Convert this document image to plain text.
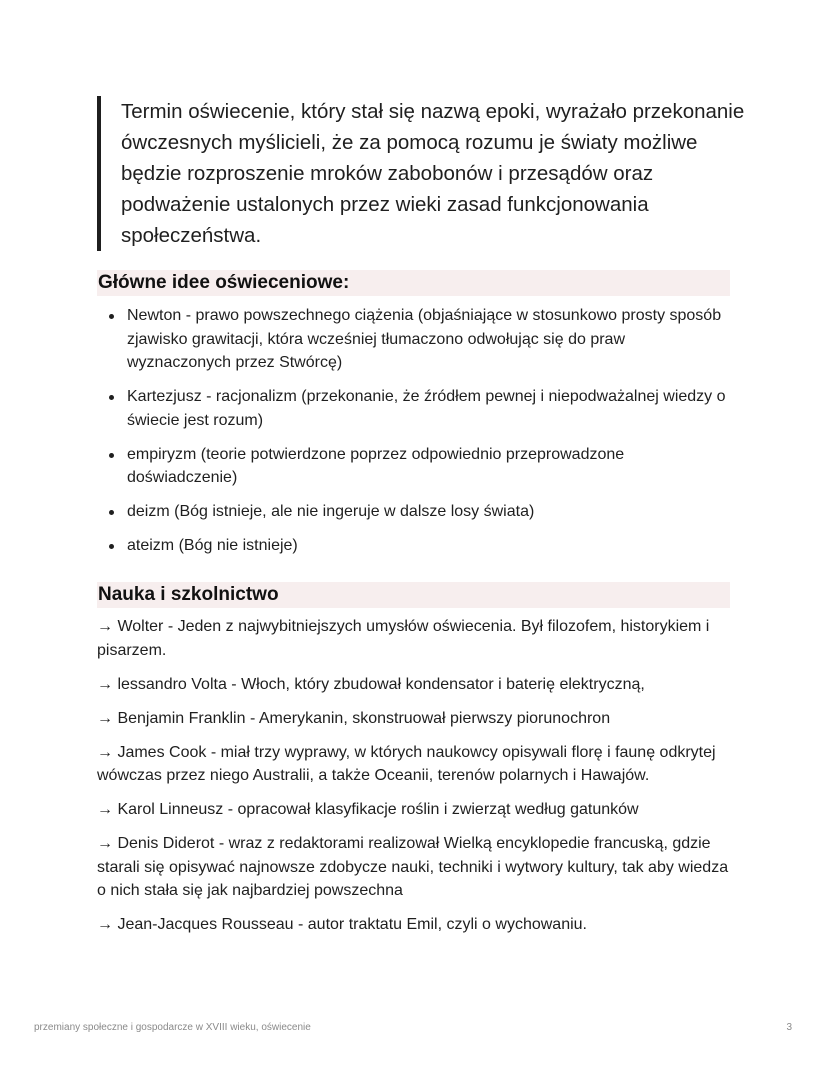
Termin oświecenie, który stał się nazwą epoki, wyrażało przekonanie ówczesnych myślicieli, że za pomocą rozumu je światy możliwe będzie rozproszenie mroków zabobonów i przesądów oraz podważenie ustalonych przez wieki zasad funkcjonowania społeczeństwa.

Główne idee oświeceniowe:
Newton - prawo powszechnego ciążenia (objaśniające w stosunkowo prosty sposób zjawisko grawitacji, która wcześniej tłumaczono odwołując się do praw wyznaczonych przez Stwórcę)
Kartezjusz - racjonalizm (przekonanie, że źródłem pewnej i niepodważalnej wiedzy o świecie jest rozum)
empiryzm (teorie potwierdzone poprzez odpowiednio przeprowadzone doświadczenie)
deizm (Bóg istnieje, ale nie ingeruje w dalsze losy świata)
ateizm (Bóg nie istnieje)
Nauka i szkolnictwo

→ Wolter - Jeden z najwybitniejszych umysłów oświecenia. Był filozofem, historykiem i pisarzem.

→ lessandro Volta - Włoch, który zbudował kondensator i baterię elektryczną,

→ Benjamin Franklin - Amerykanin, skonstruował pierwszy piorunochron

→ James Cook - miał trzy wyprawy, w których naukowcy opisywali florę i faunę odkrytej wówczas przez niego Australii, a także Oceanii, terenów polarnych i Hawajów.

→ Karol Linneusz - opracował klasyfikacje roślin i zwierząt według gatunków

→ Denis Diderot - wraz z redaktorami realizował Wielką encyklopedie francuską, gdzie starali się opisywać najnowsze zdobycze nauki, techniki i wytwory kultury, tak aby wiedza o nich stała się jak najbardziej powszechna

→ Jean-Jacques Rousseau - autor traktatu Emil, czyli o wychowaniu.

przemiany społeczne i gospodarcze w XVIII wieku, oświecenie	3
